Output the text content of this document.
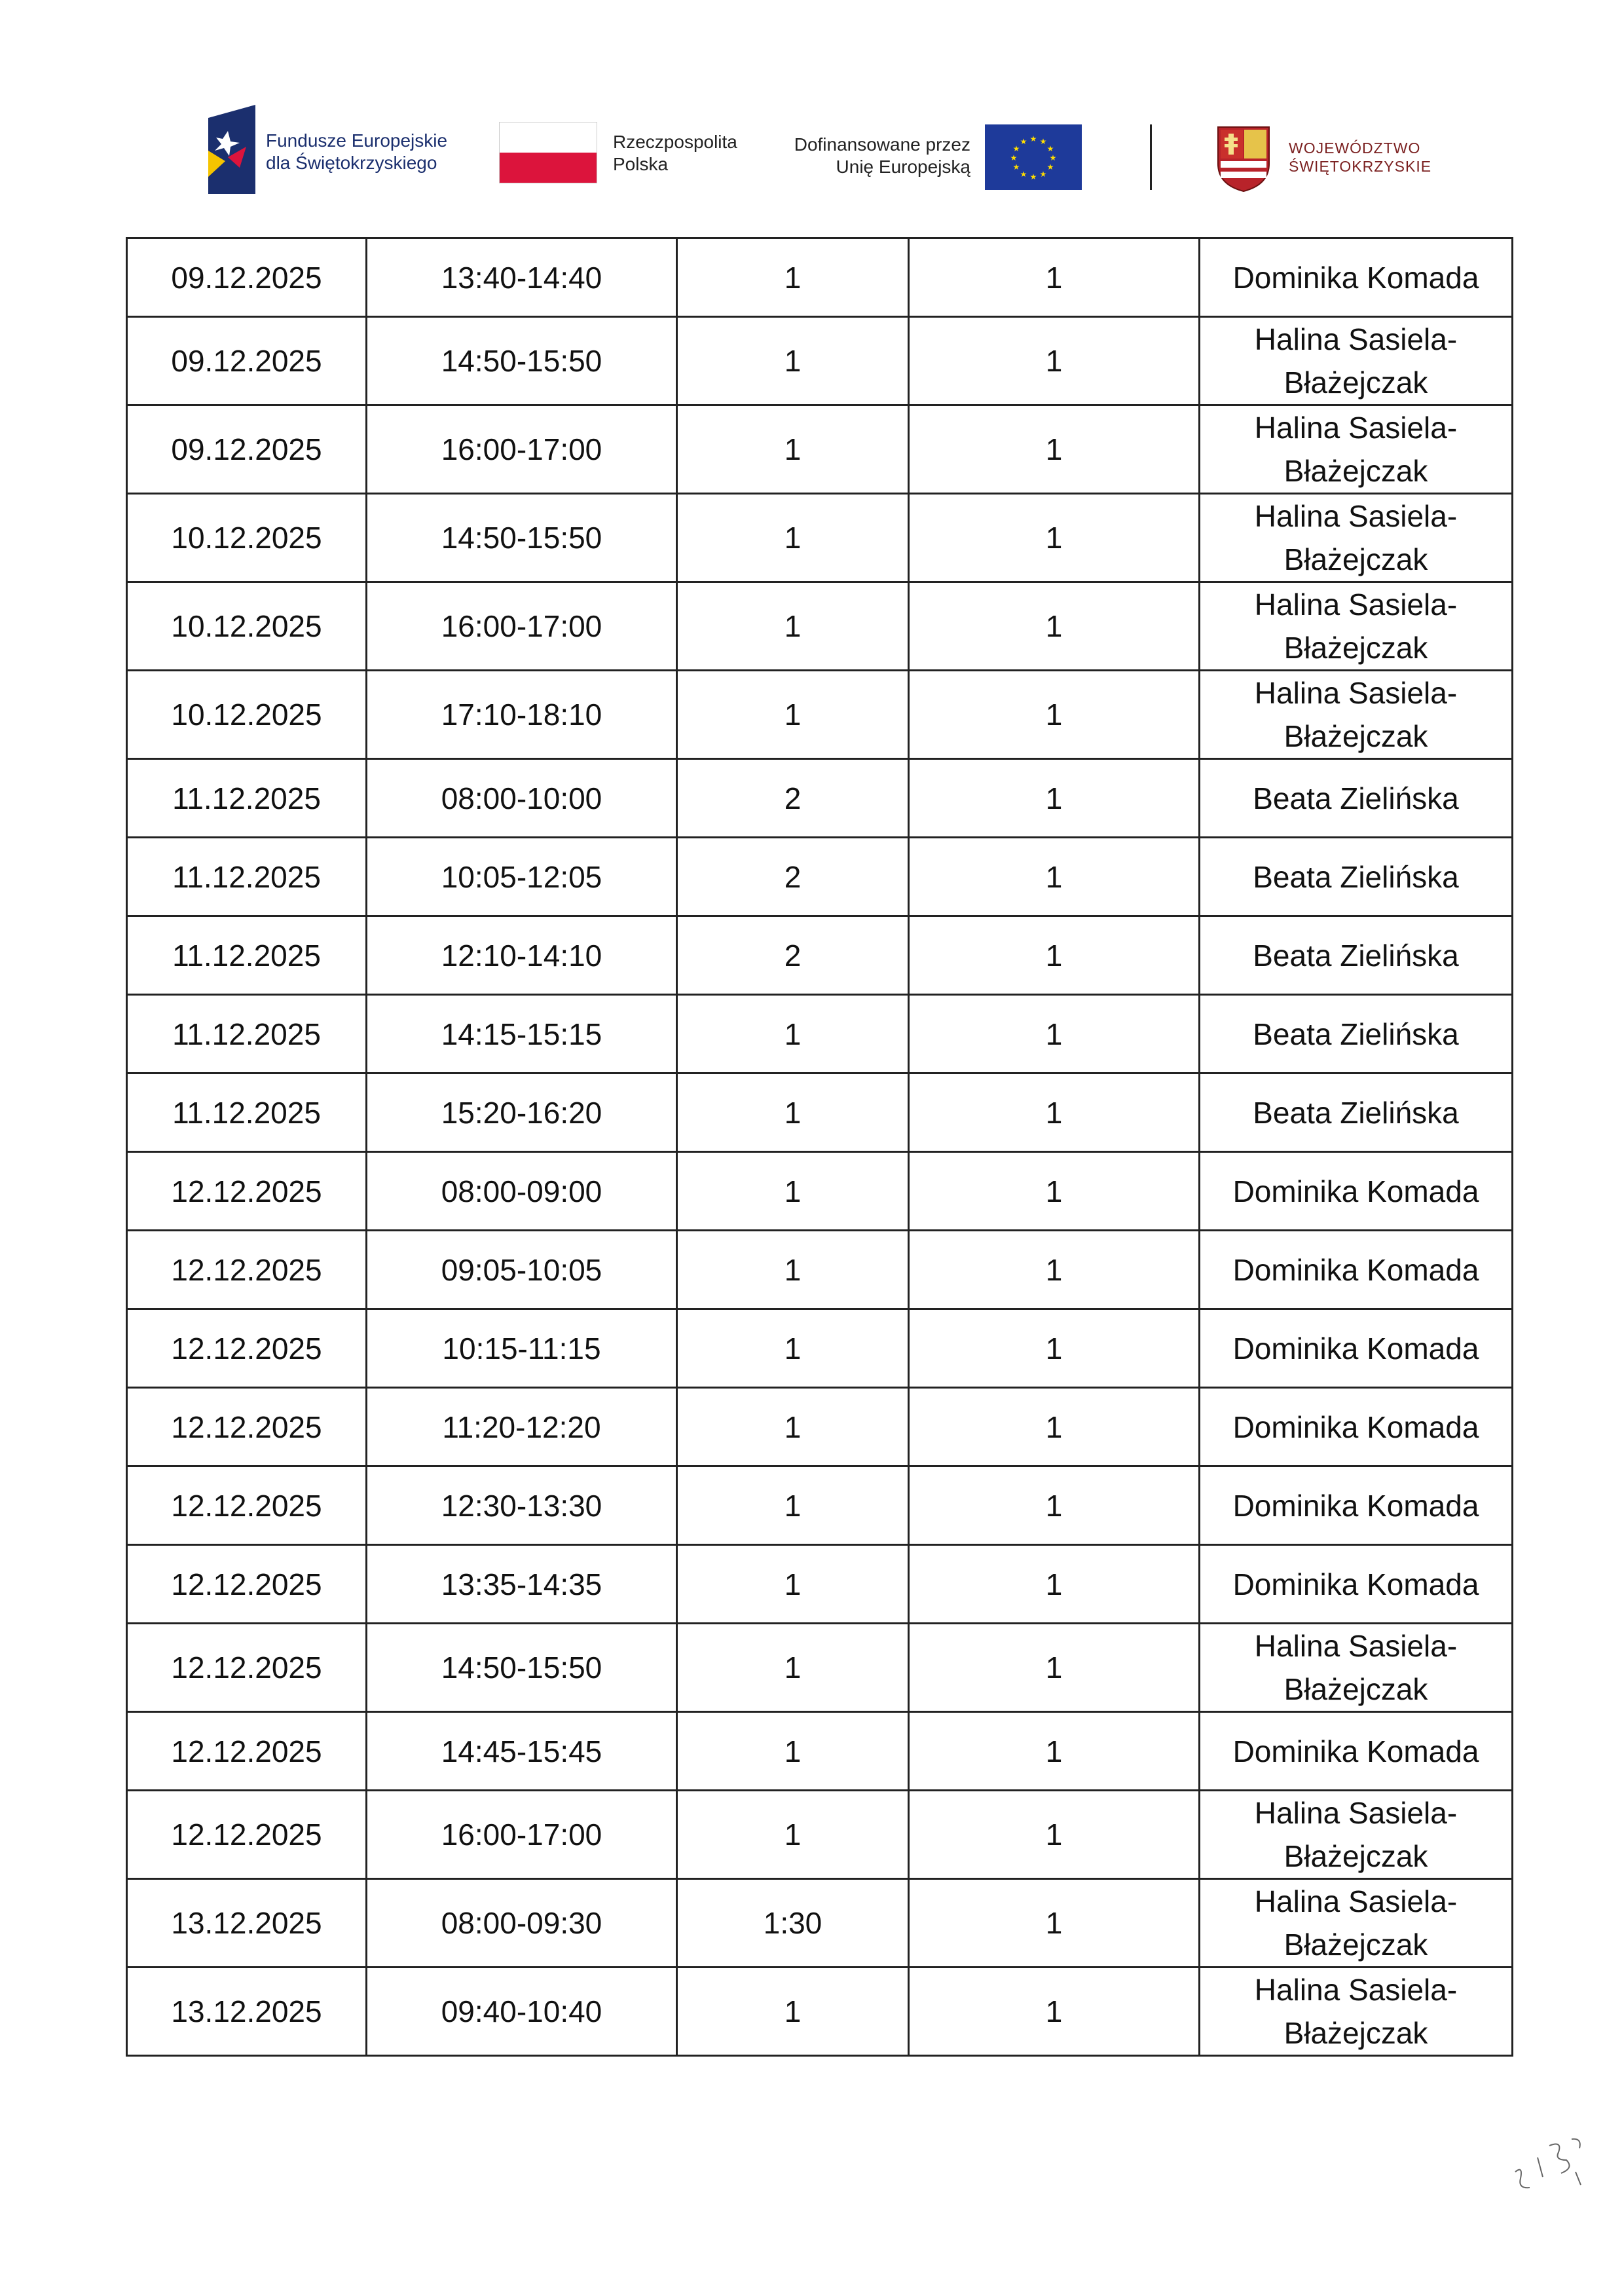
Fundusze Europejskie
dla Świętokrzyskiego
Rzeczpospolita
Polska
Dofinansowane przez
Unię Europejską
★ ★
★
★
★
★
★
★
★
★
★
★	WOJEWÓDZTWO
ŚWIĘTOKRZYSKIE
09.12.2025	13:40-14:40	1	1	Dominika Komada

09.12.2025	14:50-15:50	1	1	Halina Sasiela-
Błażejczak

09.12.2025	16:00-17:00	1	1	Halina Sasiela-
Błażejczak

10.12.2025	14:50-15:50	1	1	Halina Sasiela-
Błażejczak

10.12.2025	16:00-17:00	1	1	Halina Sasiela-
Błażejczak

10.12.2025	17:10-18:10	1	1	Halina Sasiela-
Błażejczak

11.12.2025	08:00-10:00	2	1	Beata Zielińska

11.12.2025	10:05-12:05	2	1	Beata Zielińska

11.12.2025	12:10-14:10	2	1	Beata Zielińska

11.12.2025	14:15-15:15	1	1	Beata Zielińska

11.12.2025	15:20-16:20	1	1	Beata Zielińska

12.12.2025	08:00-09:00	1	1	Dominika Komada

12.12.2025	09:05-10:05	1	1	Dominika Komada

12.12.2025	10:15-11:15	1	1	Dominika Komada

12.12.2025	11:20-12:20	1	1	Dominika Komada

12.12.2025	12:30-13:30	1	1	Dominika Komada

12.12.2025	13:35-14:35	1	1	Dominika Komada

12.12.2025	14:50-15:50	1	1	Halina Sasiela-
Błażejczak

12.12.2025	14:45-15:45	1	1	Dominika Komada

12.12.2025	16:00-17:00	1	1	Halina Sasiela-
Błażejczak

13.12.2025	08:00-09:30	1:30	1	Halina Sasiela-
Błażejczak

13.12.2025	09:40-10:40	1	1	Halina Sasiela-
Błażejczak
